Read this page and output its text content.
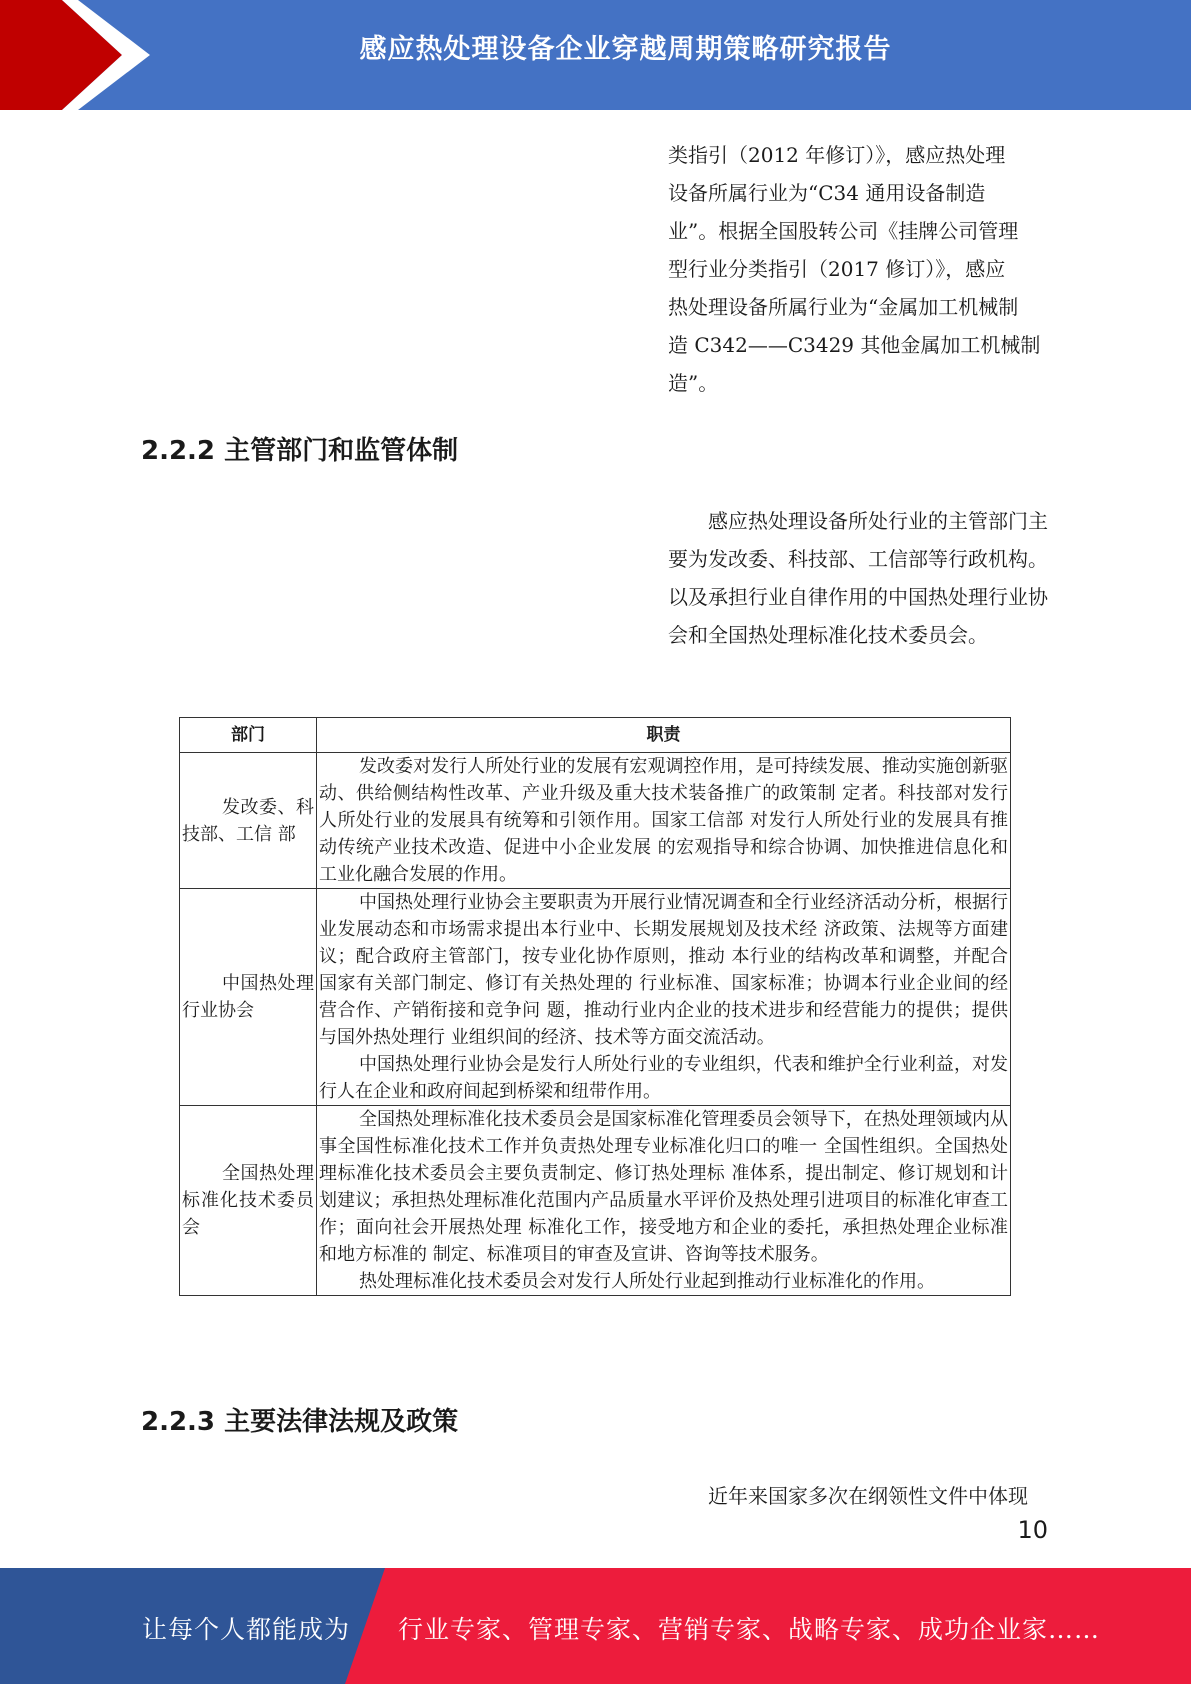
感应热处理设备企业穿越周期策略研究报告
类指引（2012 年修订）》，感应热处理
设备所属行业为“C34 通用设备制造
业”。根据全国股转公司《挂牌公司管理
型行业分类指引（2017 修订）》，感应
热处理设备所属行业为“金属加工机械制
造 C342——C3429 其他金属加工机械制
造”。
2.2.2 主管部门和监管体制

感应热处理设备所处行业的主管部门主要为发改委、科技部、工信部等行政机构。以及承担行业自律作用的中国热处理行业协会和全国热处理标准化技术委员会。

部门	职责
发改委、科技部、工信 部	发改委对发行人所处行业的发展有宏观调控作用，是可持续发展、推动实施创新驱动、供给侧结构性改革、产业升级及重大技术装备推广的政策制 定者。科技部对发行人所处行业的发展具有统筹和引领作用。国家工信部 对发行人所处行业的发展具有推动传统产业技术改造、促进中小企业发展 的宏观指导和综合协调、加快推进信息化和工业化融合发展的作用。

中国热处理 行业协会	中国热处理行业协会主要职责为开展行业情况调查和全行业经济活动分析，根据行业发展动态和市场需求提出本行业中、长期发展规划及技术经 济政策、法规等方面建议；配合政府主管部门，按专业化协作原则，推动 本行业的结构改革和调整，并配合国家有关部门制定、修订有关热处理的 行业标准、国家标准；协调本行业企业间的经营合作、产销衔接和竞争问 题，推动行业内企业的技术进步和经营能力的提供；提供与国外热处理行 业组织间的经济、技术等方面交流活动。

中国热处理行业协会是发行人所处行业的专业组织，代表和维护全行业利益，对发行人在企业和政府间起到桥梁和纽带作用。

全国热处理 标准化技术委员会	全国热处理标准化技术委员会是国家标准化管理委员会领导下，在热处理领域内从事全国性标准化技术工作并负责热处理专业标准化归口的唯一 全国性组织。全国热处理标准化技术委员会主要负责制定、修订热处理标 准体系，提出制定、修订规划和计划建议；承担热处理标准化范围内产品质量水平评价及热处理引进项目的标准化审查工作；面向社会开展热处理 标准化工作，接受地方和企业的委托，承担热处理企业标准和地方标准的 制定、标准项目的审查及宣讲、咨询等技术服务。

热处理标准化技术委员会对发行人所处行业起到推动行业标准化的作用。

2.2.3 主要法律法规及政策

近年来国家多次在纲领性文件中体现

10
让每个人都能成为 行业专家、管理专家、营销专家、战略专家、成功企业家……
